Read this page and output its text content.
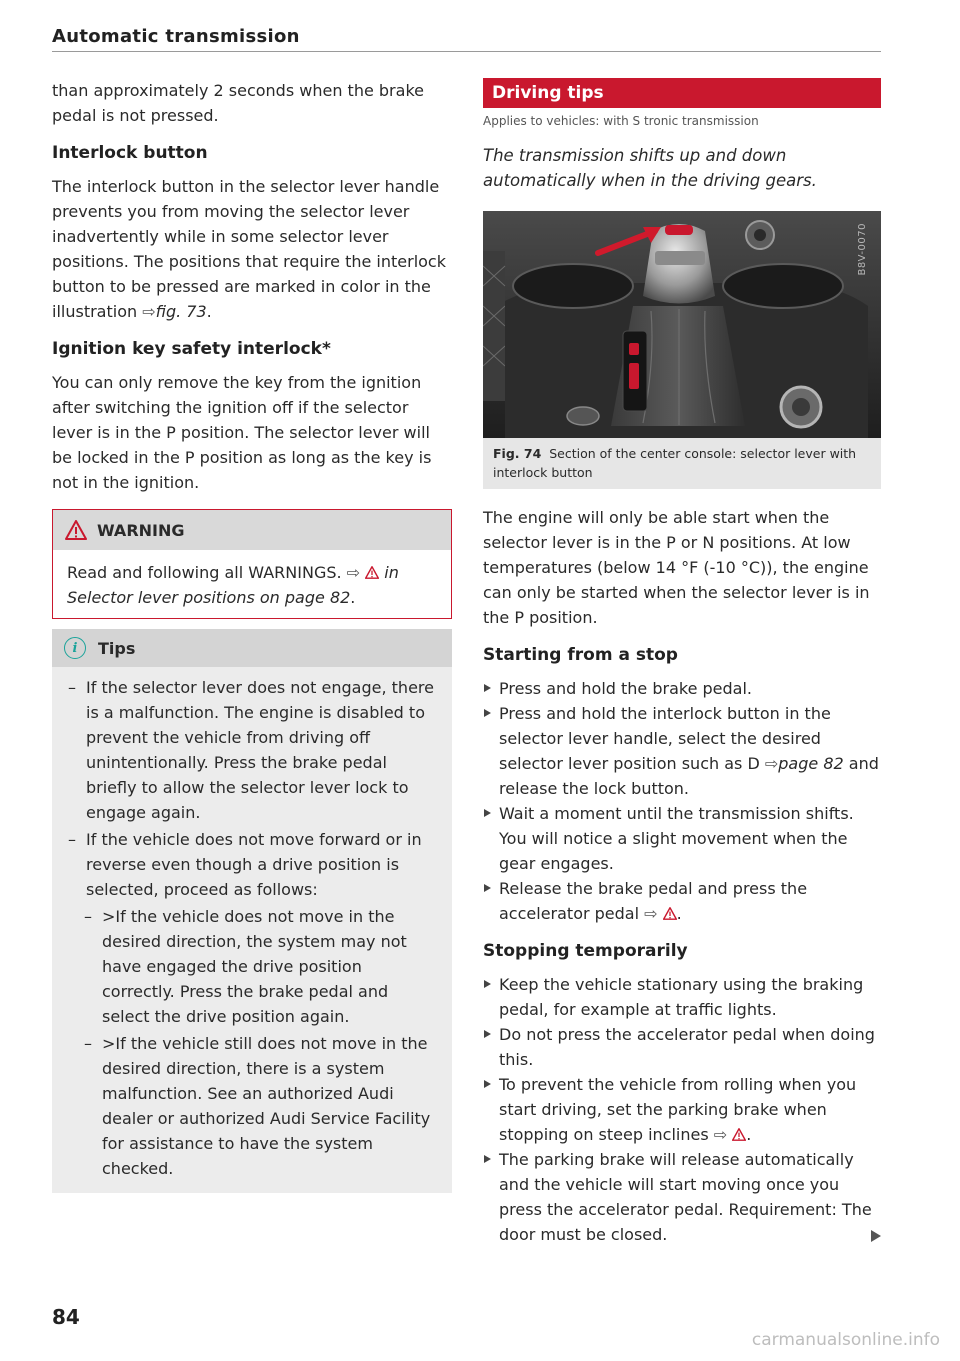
Automatic transmission

than approximately 2 seconds when the brake pedal is not pressed.

Interlock button

The interlock button in the selector lever handle prevents you from moving the selector lever inadvertently while in some selector lever positions. The positions that require the interlock button to be pressed are marked in color in the illustration ⇨fig. 73.

Ignition key safety interlock*

You can only remove the key from the ignition after switching the ignition off if the selector lever is in the P position. The selector lever will be locked in the P position as long as the key is not in the ignition.

WARNING
Read and following all WARNINGS. ⇨ in Selector lever positions on page 82.
i	Tips
– If the selector lever does not engage, there is a malfunction. The engine is disabled to prevent the vehicle from driving off unintentionally. Press the brake pedal briefly to allow the selector lever lock to engage again.
– If the vehicle does not move forward or in reverse even though a drive position is selected, proceed as follows:
– >If the vehicle does not move in the desired direction, the system may not have engaged the drive position correctly. Press the brake pedal and select the drive position again.
– >If the vehicle still does not move in the desired direction, there is a system malfunction. See an authorized Audi dealer or authorized Audi Service Facility for assistance to have the system checked.
Driving tips
Applies to vehicles: with S tronic transmission

The transmission shifts up and down automatically when in the driving gears.

B8V-0070
Fig. 74 Section of the center console: selector lever with interlock button

The engine will only be able start when the selector lever is in the P or N positions. At low temperatures (below 14 °F (-10 °C)), the engine can only be started when the selector lever is in the P position.

Starting from a stop
Press and hold the brake pedal.
Press and hold the interlock button in the selector lever handle, select the desired selector lever position such as D ⇨page 82 and release the lock button.
Wait a moment until the transmission shifts. You will notice a slight movement when the gear engages.
Release the brake pedal and press the accelerator pedal ⇨ .
Stopping temporarily
Keep the vehicle stationary using the braking pedal, for example at traffic lights.
Do not press the accelerator pedal when doing this.
To prevent the vehicle from rolling when you start driving, set the parking brake when stopping on steep inclines ⇨ .
The parking brake will release automatically and the vehicle will start moving once you press the accelerator pedal. Requirement: The door must be closed.
84
carmanualsonline.info
